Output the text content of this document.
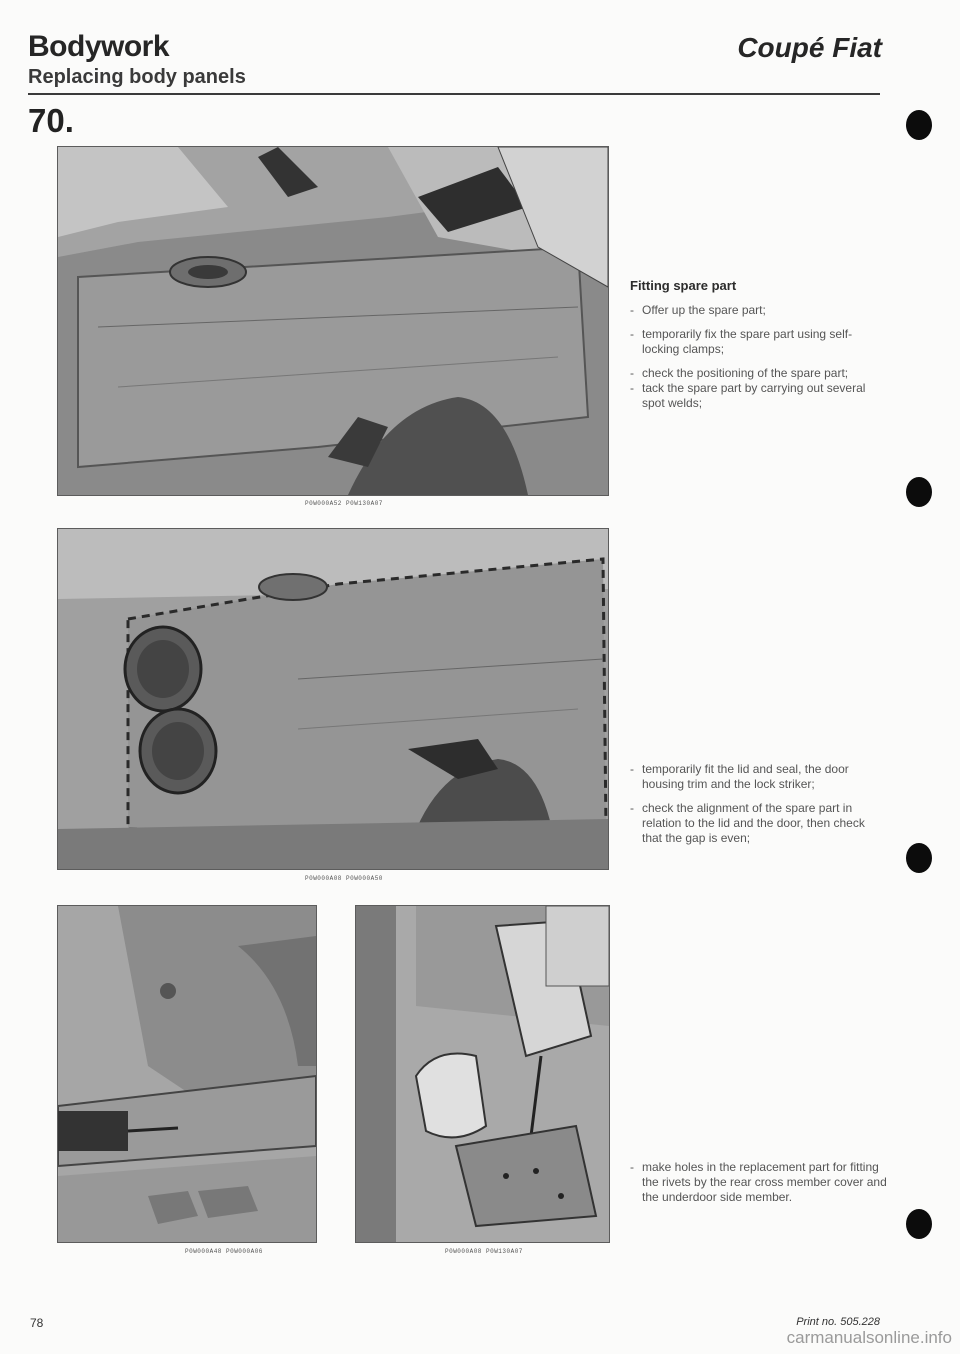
Bodywork	Coupé Fiat
Replacing body panels
70.
P0W000A52 P0W130A07
P0W000A08 P0W000A50
P0W000A48 P0W000A06	P0W000A08 P0W130A07
Fitting spare part
- Offer up the spare part;
- temporarily fix the spare part using self-locking clamps;
- check the positioning of the spare part;
- tack the spare part by carrying out several spot welds;
- temporarily fit the lid and seal, the door housing trim and the lock striker;
- check the alignment of the spare part in relation to the lid and the door, then check that the gap is even;
- make holes in the replacement part for fitting the rivets by the rear cross member cover and the underdoor side member.
78	Print no. 505.228
carmanualsonline.info
